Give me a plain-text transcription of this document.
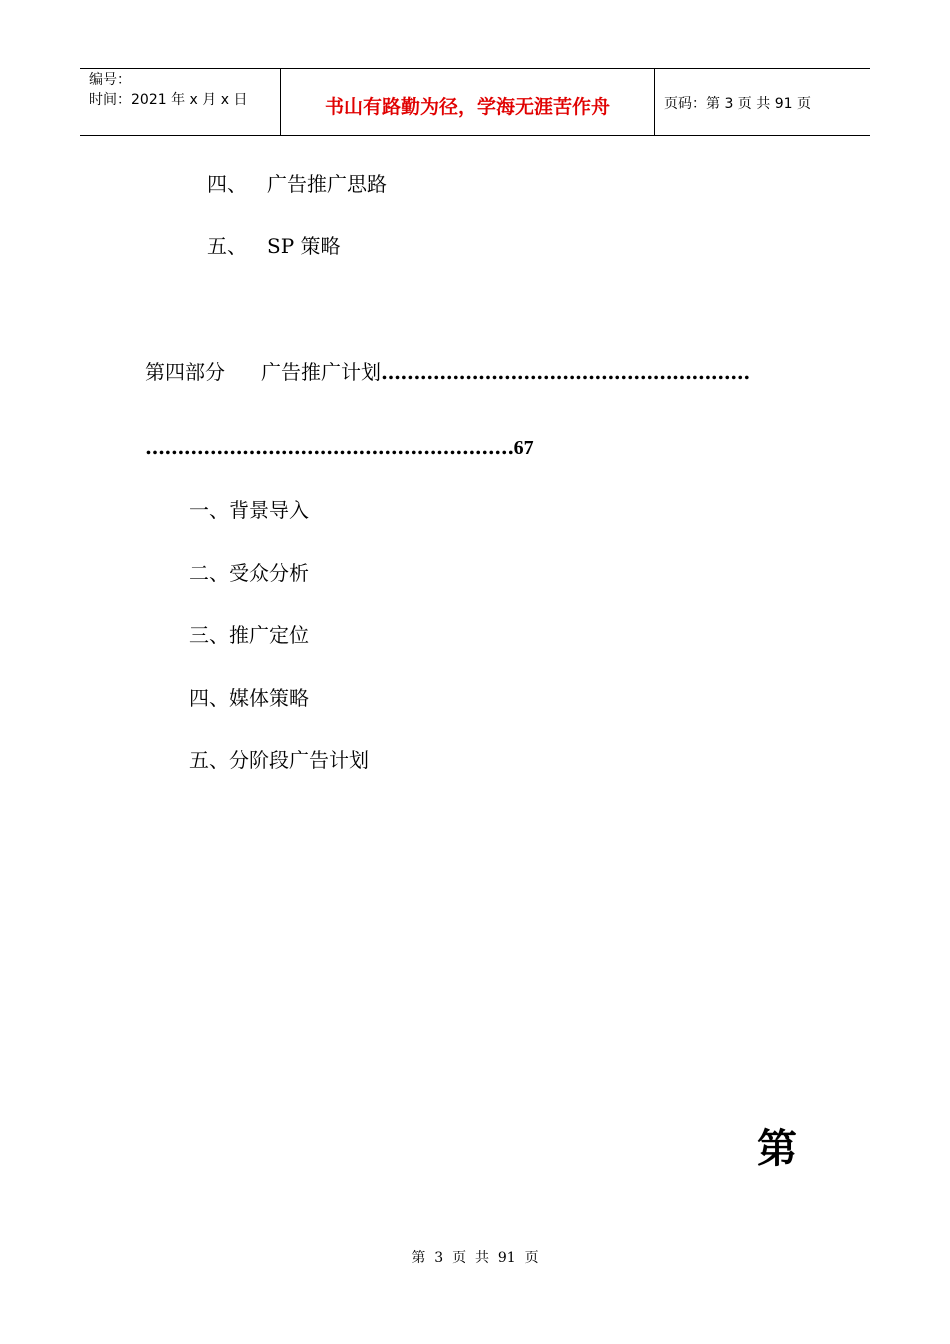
编号：
时间：2021 年 x 月 x 日	书山有路勤为径，学海无涯苦作舟	页码：第 3 页 共 91 页
四、 广告推广思路
五、 SP 策略
第四部分 广告推广计划…………………………………………………
…………………………………………………67
一、背景导入
二、受众分析
三、推广定位
四、媒体策略
五、分阶段广告计划
第
第  3  页  共  91  页
